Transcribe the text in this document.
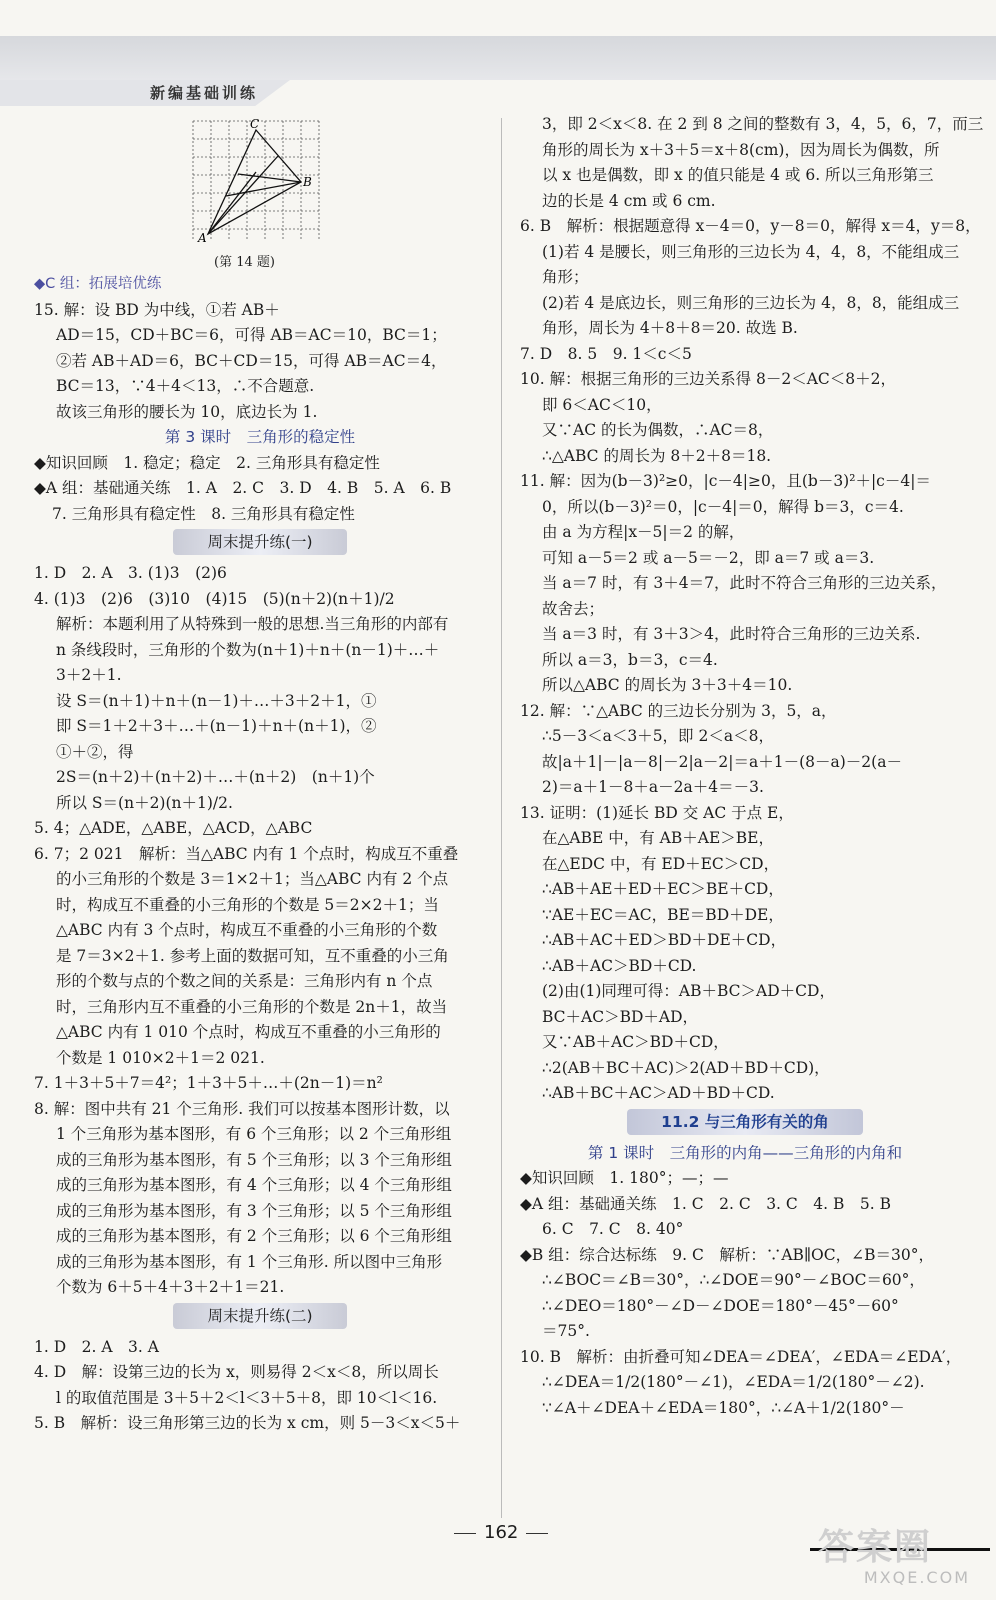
新编基础训练
C
B
A
(第 14 题)
◆C 组：拓展培优练
15. 解：设 BD 为中线，①若 AB＋
AD＝15，CD＋BC＝6，可得 AB＝AC＝10，BC＝1；
②若 AB＋AD＝6，BC＋CD＝15，可得 AB＝AC＝4，
BC＝13，∵4＋4＜13，∴不合题意.
故该三角形的腰长为 10，底边长为 1.
第 3 课时　三角形的稳定性
◆知识回顾　1. 稳定；稳定　2. 三角形具有稳定性
◆A 组：基础通关练　1. A　2. C　3. D　4. B　5. A　6. B
7. 三角形具有稳定性　8. 三角形具有稳定性
周末提升练(一)
1. D　2. A　3. (1)3　(2)6
4. (1)3　(2)6　(3)10　(4)15　(5)(n＋2)(n＋1)/2
解析：本题利用了从特殊到一般的思想.当三角形的内部有
n 条线段时，三角形的个数为(n＋1)＋n＋(n－1)＋…＋
3＋2＋1.
设 S＝(n＋1)＋n＋(n－1)＋…＋3＋2＋1，①
即 S＝1＋2＋3＋…＋(n－1)＋n＋(n＋1)，②
①＋②，得
2S＝(n＋2)＋(n＋2)＋…＋(n＋2)　(n＋1)个
所以 S＝(n＋2)(n＋1)/2.
5. 4；△ADE，△ABE，△ACD，△ABC
6. 7；2 021　解析：当△ABC 内有 1 个点时，构成互不重叠
的小三角形的个数是 3＝1×2＋1；当△ABC 内有 2 个点
时，构成互不重叠的小三角形的个数是 5＝2×2＋1；当
△ABC 内有 3 个点时，构成互不重叠的小三角形的个数
是 7＝3×2＋1. 参考上面的数据可知，互不重叠的小三角
形的个数与点的个数之间的关系是：三角形内有 n 个点
时，三角形内互不重叠的小三角形的个数是 2n＋1，故当
△ABC 内有 1 010 个点时，构成互不重叠的小三角形的
个数是 1 010×2＋1＝2 021.
7. 1＋3＋5＋7＝4²；1＋3＋5＋…＋(2n－1)＝n²
8. 解：图中共有 21 个三角形. 我们可以按基本图形计数，以
1 个三角形为基本图形，有 6 个三角形；以 2 个三角形组
成的三角形为基本图形，有 5 个三角形；以 3 个三角形组
成的三角形为基本图形，有 4 个三角形；以 4 个三角形组
成的三角形为基本图形，有 3 个三角形；以 5 个三角形组
成的三角形为基本图形，有 2 个三角形；以 6 个三角形组
成的三角形为基本图形，有 1 个三角形. 所以图中三角形
个数为 6＋5＋4＋3＋2＋1＝21.
周末提升练(二)
1. D　2. A　3. A
4. D　解：设第三边的长为 x，则易得 2＜x＜8，所以周长
l 的取值范围是 3＋5＋2＜l＜3＋5＋8，即 10＜l＜16.
5. B　解析：设三角形第三边的长为 x cm，则 5－3＜x＜5＋
3，即 2＜x＜8. 在 2 到 8 之间的整数有 3，4，5，6，7，而三
角形的周长为 x＋3＋5＝x＋8(cm)，因为周长为偶数，所
以 x 也是偶数，即 x 的值只能是 4 或 6. 所以三角形第三
边的长是 4 cm 或 6 cm.
6. B　解析：根据题意得 x－4＝0，y－8＝0，解得 x＝4，y＝8，
(1)若 4 是腰长，则三角形的三边长为 4，4，8，不能组成三
角形；
(2)若 4 是底边长，则三角形的三边长为 4，8，8，能组成三
角形，周长为 4＋8＋8＝20. 故选 B.
7. D　8. 5　9. 1＜c＜5
10. 解：根据三角形的三边关系得 8－2＜AC＜8＋2，
即 6＜AC＜10，
又∵AC 的长为偶数，∴AC＝8，
∴△ABC 的周长为 8＋2＋8＝18.
11. 解：因为(b－3)²≥0，|c－4|≥0，且(b－3)²＋|c－4|＝
0，所以(b－3)²＝0，|c－4|＝0，解得 b＝3，c＝4.
由 a 为方程|x－5|＝2 的解，
可知 a－5＝2 或 a－5＝－2，即 a＝7 或 a＝3.
当 a＝7 时，有 3＋4＝7，此时不符合三角形的三边关系，
故舍去；
当 a＝3 时，有 3＋3＞4，此时符合三角形的三边关系.
所以 a＝3，b＝3，c＝4.
所以△ABC 的周长为 3＋3＋4＝10.
12. 解：∵△ABC 的三边长分别为 3，5，a，
∴5－3＜a＜3＋5，即 2＜a＜8，
故|a＋1|－|a－8|－2|a－2|＝a＋1－(8－a)－2(a－
2)＝a＋1－8＋a－2a＋4＝－3.
13. 证明：(1)延长 BD 交 AC 于点 E，
在△ABE 中，有 AB＋AE＞BE，
在△EDC 中，有 ED＋EC＞CD，
∴AB＋AE＋ED＋EC＞BE＋CD，
∵AE＋EC＝AC，BE＝BD＋DE，
∴AB＋AC＋ED＞BD＋DE＋CD，
∴AB＋AC＞BD＋CD.
(2)由(1)同理可得：AB＋BC＞AD＋CD，
BC＋AC＞BD＋AD，
又∵AB＋AC＞BD＋CD，
∴2(AB＋BC＋AC)＞2(AD＋BD＋CD)，
∴AB＋BC＋AC＞AD＋BD＋CD.
11.2 与三角形有关的角
第 1 课时　三角形的内角——三角形的内角和
◆知识回顾　1. 180°；—；—
◆A 组：基础通关练　1. C　2. C　3. C　4. B　5. B
6. C　7. C　8. 40°
◆B 组：综合达标练　9. C　解析：∵AB∥OC，∠B＝30°，
∴∠BOC＝∠B＝30°，∴∠DOE＝90°－∠BOC＝60°，
∴∠DEO＝180°－∠D－∠DOE＝180°－45°－60°
＝75°.
10. B　解析：由折叠可知∠DEA＝∠DEA′，∠EDA＝∠EDA′，
∴∠DEA＝1/2(180°－∠1)，∠EDA＝1/2(180°－∠2).
∵∠A＋∠DEA＋∠EDA＝180°，∴∠A＋1/2(180°－
162	答案圈
MXQE.COM
